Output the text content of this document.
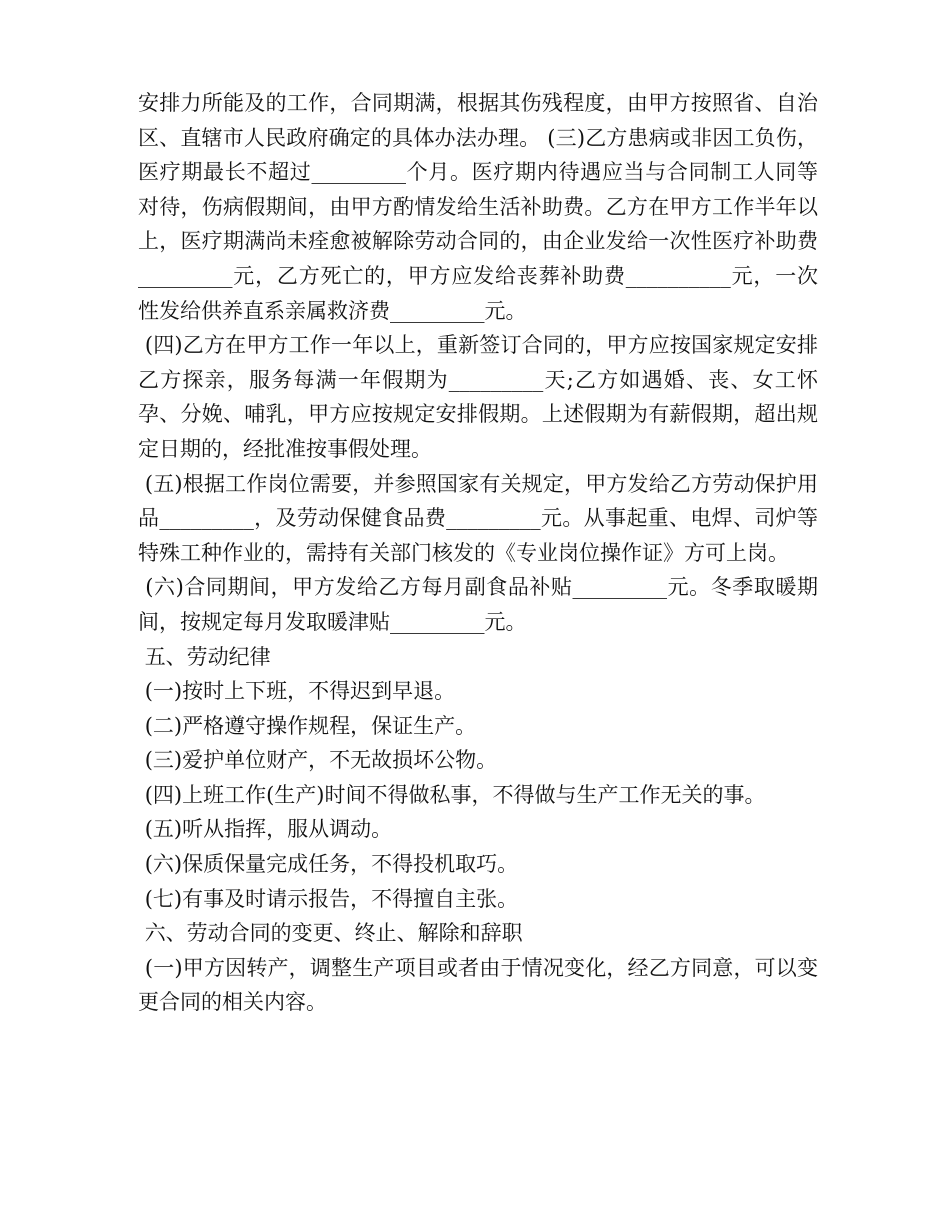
安排力所能及的工作，合同期满，根据其伤残程度，由甲方按照省、自治区、直辖市人民政府确定的具体办法办理。 (三)乙方患病或非因工负伤，医疗期最长不超过_________个月。医疗期内待遇应当与合同制工人同等对待，伤病假期间，由甲方酌情发给生活补助费。乙方在甲方工作半年以上，医疗期满尚未痊愈被解除劳动合同的，由企业发给一次性医疗补助费_________元，乙方死亡的，甲方应发给丧葬补助费__________元，一次性发给供养直系亲属救济费_________元。

(四)乙方在甲方工作一年以上，重新签订合同的，甲方应按国家规定安排乙方探亲，服务每满一年假期为_________天;乙方如遇婚、丧、女工怀孕、分娩、哺乳，甲方应按规定安排假期。上述假期为有薪假期，超出规定日期的，经批准按事假处理。

(五)根据工作岗位需要，并参照国家有关规定，甲方发给乙方劳动保护用品_________，及劳动保健食品费_________元。从事起重、电焊、司炉等特殊工种作业的，需持有关部门核发的《专业岗位操作证》方可上岗。

(六)合同期间，甲方发给乙方每月副食品补贴_________元。冬季取暖期间，按规定每月发取暖津贴_________元。

五、劳动纪律

(一)按时上下班，不得迟到早退。

(二)严格遵守操作规程，保证生产。

(三)爱护单位财产，不无故损坏公物。

(四)上班工作(生产)时间不得做私事，不得做与生产工作无关的事。

(五)听从指挥，服从调动。

(六)保质保量完成任务，不得投机取巧。

(七)有事及时请示报告，不得擅自主张。

六、劳动合同的变更、终止、解除和辞职

(一)甲方因转产，调整生产项目或者由于情况变化，经乙方同意，可以变更合同的相关内容。
